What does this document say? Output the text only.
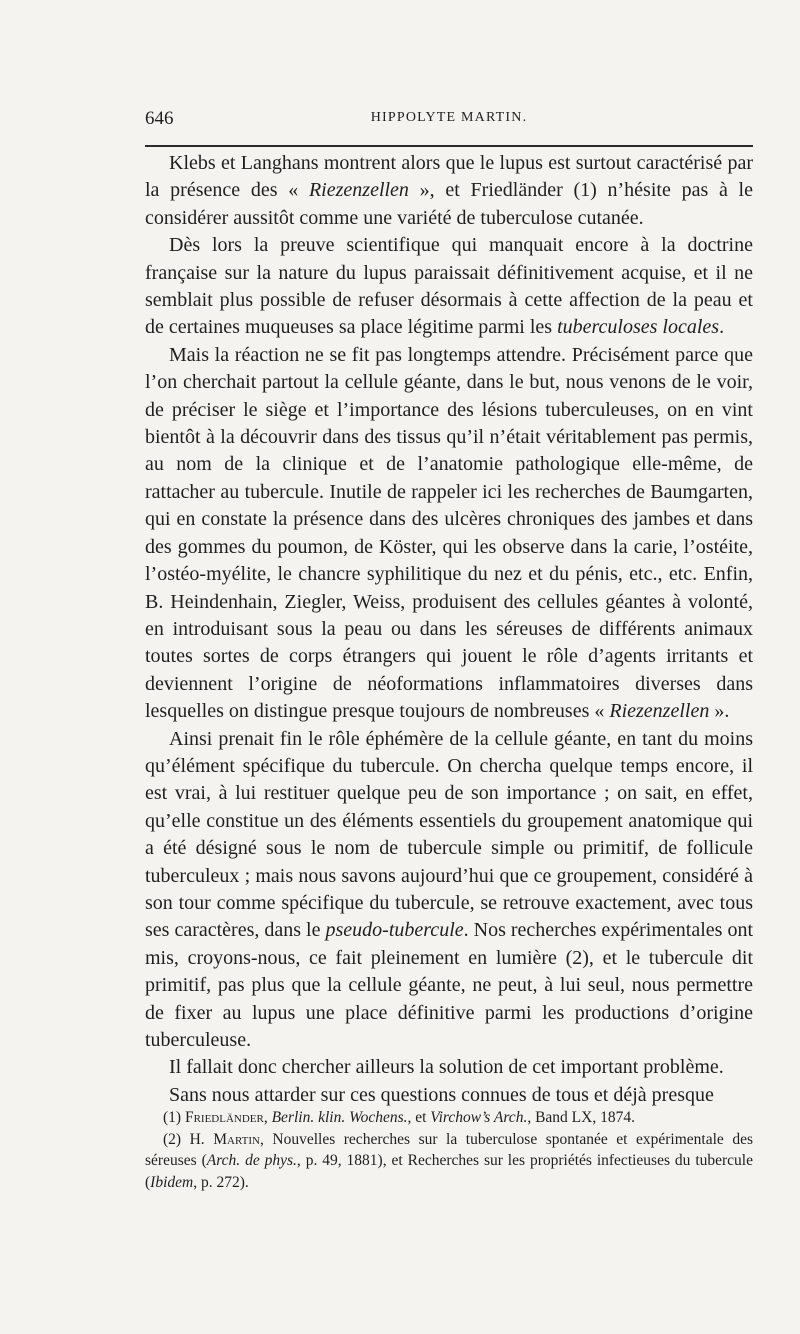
646	HIPPOLYTE MARTIN.

Klebs et Langhans montrent alors que le lupus est surtout caractérisé par la présence des « Riezenzellen », et Friedländer (1) n’hésite pas à le considérer aussitôt comme une variété de tuberculose cutanée.

Dès lors la preuve scientifique qui manquait encore à la doctrine française sur la nature du lupus paraissait définitivement acquise, et il ne semblait plus possible de refuser désormais à cette affection de la peau et de certaines muqueuses sa place légitime parmi les tuberculoses locales.

Mais la réaction ne se fit pas longtemps attendre. Précisément parce que l’on cherchait partout la cellule géante, dans le but, nous venons de le voir, de préciser le siège et l’importance des lésions tuberculeuses, on en vint bientôt à la découvrir dans des tissus qu’il n’était véritablement pas permis, au nom de la clinique et de l’anatomie pathologique elle-même, de rattacher au tubercule. Inutile de rappeler ici les recherches de Baumgarten, qui en constate la présence dans des ulcères chroniques des jambes et dans des gommes du poumon, de Köster, qui les observe dans la carie, l’ostéite, l’ostéo-myélite, le chancre syphilitique du nez et du pénis, etc., etc. Enfin, B. Heindenhain, Ziegler, Weiss, produisent des cellules géantes à volonté, en introduisant sous la peau ou dans les séreuses de différents animaux toutes sortes de corps étrangers qui jouent le rôle d’agents irritants et deviennent l’origine de néoformations inflammatoires diverses dans lesquelles on distingue presque toujours de nombreuses « Riezenzellen ».

Ainsi prenait fin le rôle éphémère de la cellule géante, en tant du moins qu’élément spécifique du tubercule. On chercha quelque temps encore, il est vrai, à lui restituer quelque peu de son importance ; on sait, en effet, qu’elle constitue un des éléments essentiels du groupement anatomique qui a été désigné sous le nom de tubercule simple ou primitif, de follicule tuberculeux ; mais nous savons aujourd’hui que ce groupement, considéré à son tour comme spécifique du tubercule, se retrouve exactement, avec tous ses caractères, dans le pseudo-tubercule. Nos recherches expérimentales ont mis, croyons-nous, ce fait pleinement en lumière (2), et le tubercule dit primitif, pas plus que la cellule géante, ne peut, à lui seul, nous permettre de fixer au lupus une place définitive parmi les productions d’origine tuberculeuse.

Il fallait donc chercher ailleurs la solution de cet important problème.

Sans nous attarder sur ces questions connues de tous et déjà presque

(1) Friedländer, Berlin. klin. Wochens., et Virchow’s Arch., Band LX, 1874.

(2) H. Martin, Nouvelles recherches sur la tuberculose spontanée et expérimentale des séreuses (Arch. de phys., p. 49, 1881), et Recherches sur les propriétés infectieuses du tubercule (Ibidem, p. 272).
